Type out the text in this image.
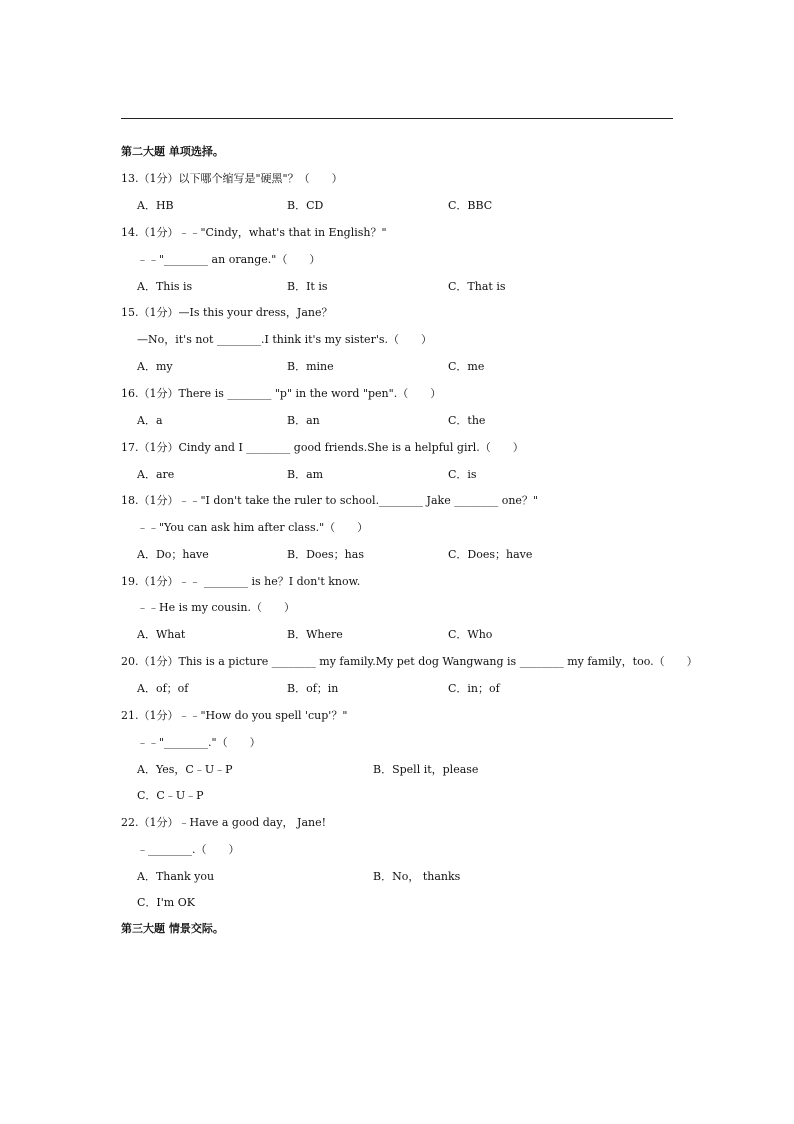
第二大题 单项选择。
13.（1分）以下哪个缩写是"硬黑"？（　　）
A．HB	B．CD	C．BBC
14.（1分）﹣﹣"Cindy，what's that in English？"
﹣﹣"________ an orange."（　　）
A．This is	B．It is	C．That is
15.（1分）—Is this your dress，Jane？
—No，it's not ________.I think it's my sister's.（　　）
A．my	B．mine	C．me
16.（1分）There is ________ "p" in the word "pen".（　　）
A．a	B．an	C．the
17.（1分）Cindy and I ________ good friends.She is a helpful girl.（　　）
A．are	B．am	C．is
18.（1分）﹣﹣"I don't take the ruler to school.________ Jake ________ one？"
﹣﹣"You can ask him after class."（　　）
A．Do；have	B．Does；has	C．Does；have
19.（1分）﹣﹣ ________ is he？I don't know.
﹣﹣He is my cousin.（　　）
A．What	B．Where	C．Who
20.（1分）This is a picture ________ my family.My pet dog Wangwang is ________ my family，too.（　　）
A．of；of	B．of；in	C．in；of
21.（1分）﹣﹣"How do you spell 'cup'？"
﹣﹣"________."（　　）
A．Yes，C﹣U﹣P	B．Spell it，please
C．C﹣U﹣P
22.（1分）﹣Have a good day， Jane!
﹣________.（　　）
A．Thank you	B．No， thanks
C．I'm OK
第三大题 情景交际。
